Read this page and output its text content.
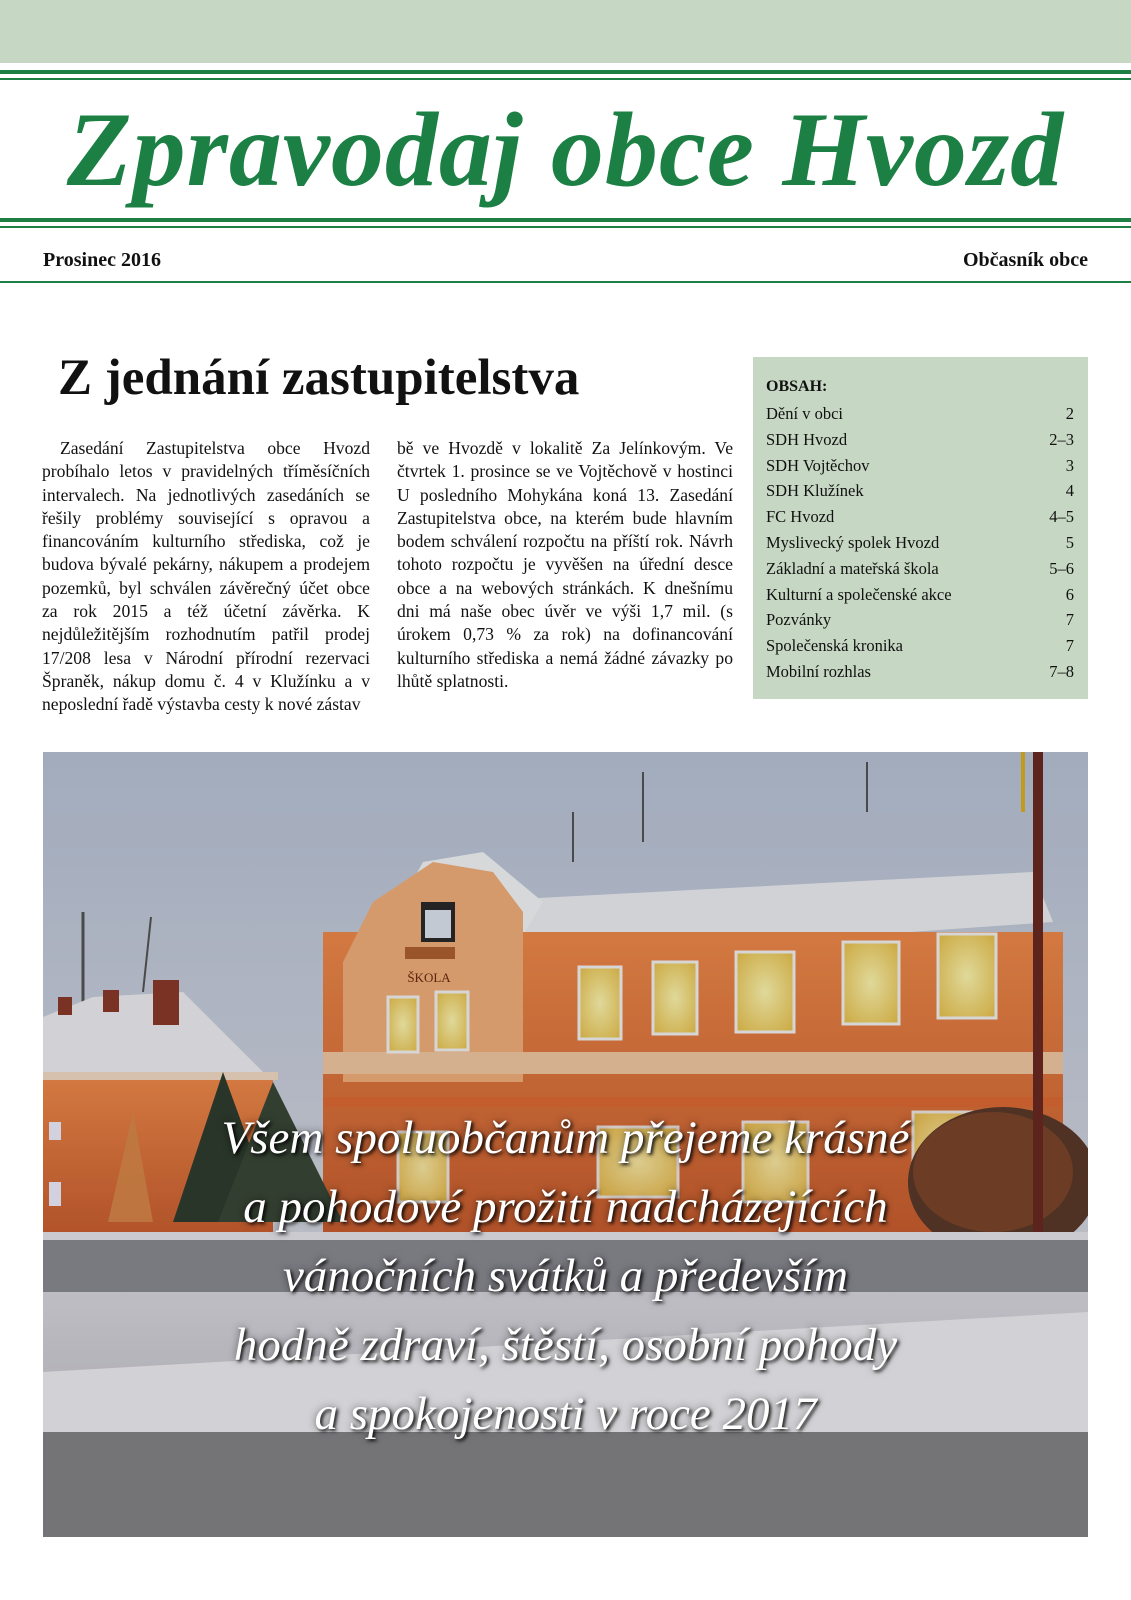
Zpravodaj obce Hvozd
Prosinec 2016	Občasník obce
Z jednání zastupitelstva

Zasedání Zastupitelstva obce Hvozd probíhalo letos v pravidelných tříměsíčních intervalech. Na jednotlivých zasedáních se řešily problémy související s opravou a financováním kulturního střediska, což je budova bývalé pekárny, nákupem a prodejem pozemků, byl schválen závěrečný účet obce za rok 2015 a též účetní závěrka. K nejdůležitějším rozhodnutím patřil prodej 17/208 lesa v Národní přírodní rezervaci Špraněk, nákup domu č. 4 v Klužínku a v neposlední řadě výstavba cesty k nové zástav

bě ve Hvozdě v lokalitě Za Jelínkovým. Ve čtvrtek 1. prosince se ve Vojtěchově v hostinci U posledního Mohykána koná 13. Zasedání Zastupitelstva obce, na kterém bude hlavním bodem schválení rozpočtu na příští rok. Návrh tohoto rozpočtu je vyvěšen na úřední desce obce a na webových stránkách. K dnešnímu dni má naše obec úvěr ve výši 1,7 mil. (s úrokem 0,73 % za rok) na dofinancování kulturního střediska a nemá žádné závazky po lhůtě splatnosti.

OBSAH:
Dění v obci	2
SDH Hvozd	2–3
SDH Vojtěchov	3
SDH Klužínek	4
FC Hvozd	4–5
Myslivecký spolek Hvozd	5
Základní a mateřská škola	5–6
Kulturní a společenské akce	6
Pozvánky	7
Společenská kronika	7
Mobilní rozhlas	7–8
ŠKOLA
Všem spoluobčanům přejeme krásné
a pohodové prožití nadcházejících
vánočních svátků a především
hodně zdraví, štěstí, osobní pohody
a spokojenosti v roce 2017
